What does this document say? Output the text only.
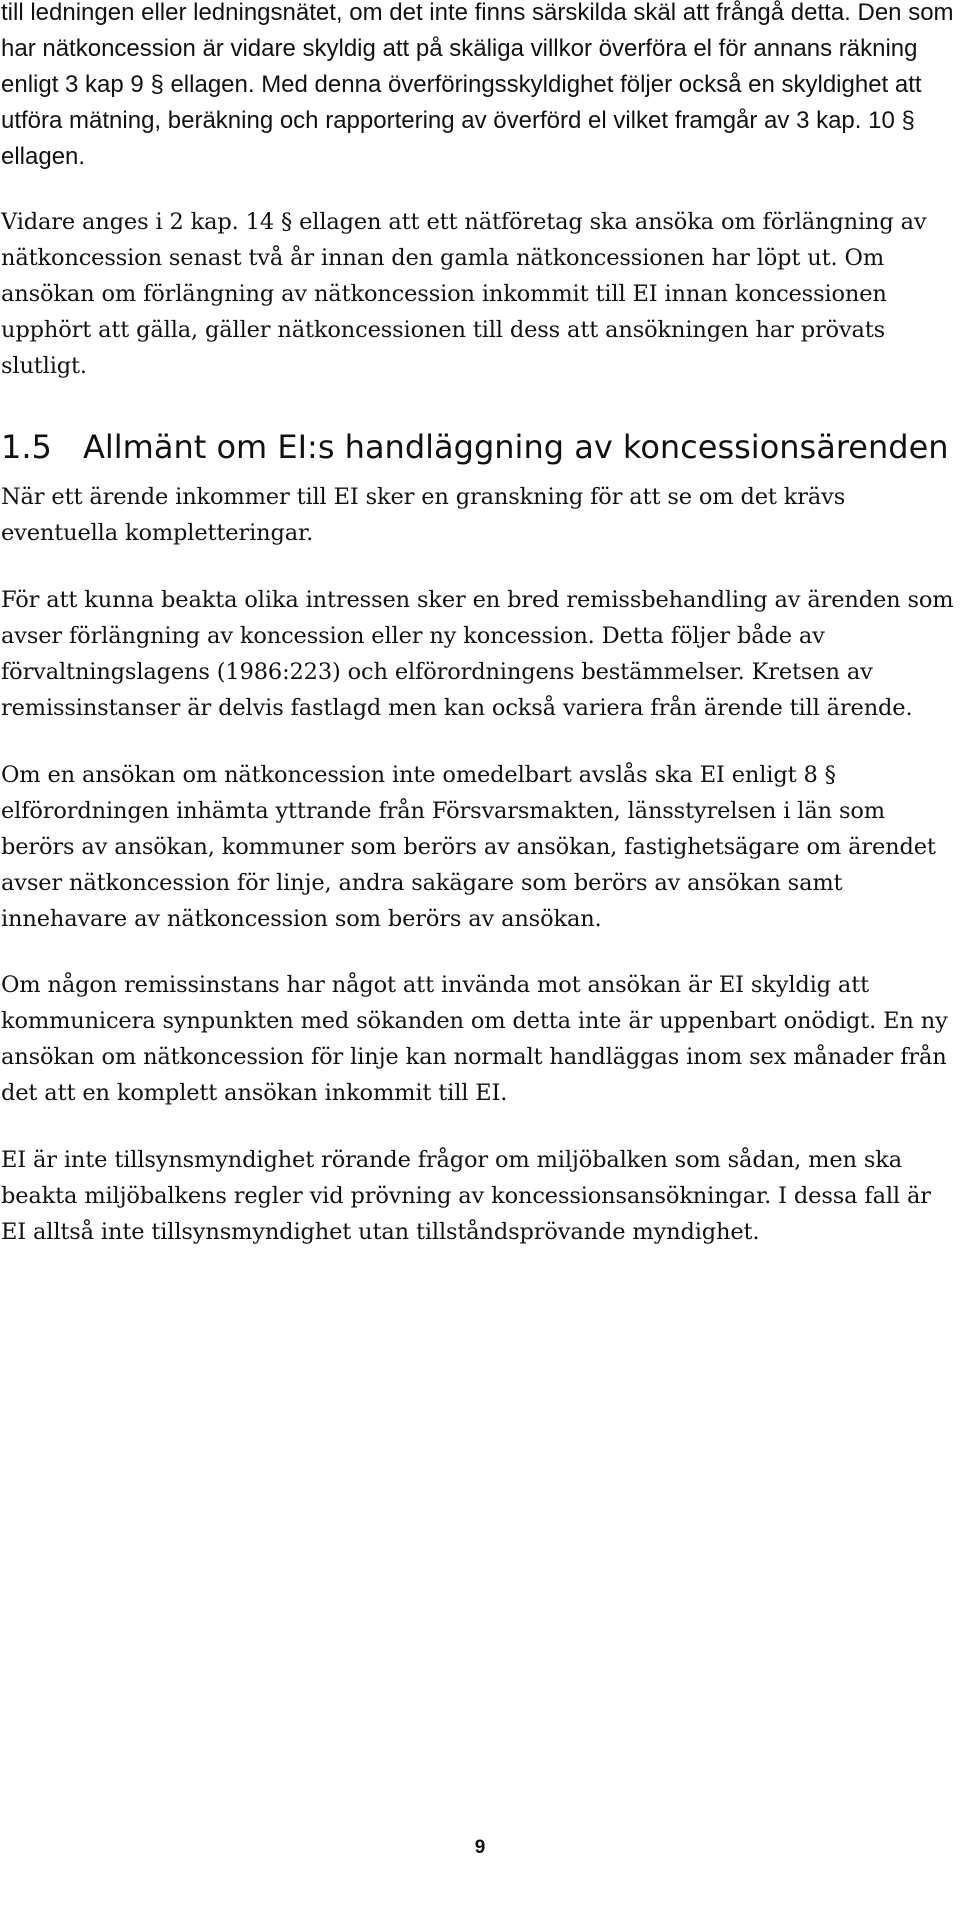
till ledningen eller ledningsnätet, om det inte finns särskilda skäl att frångå detta. Den som har nätkoncession är vidare skyldig att på skäliga villkor överföra el för annans räkning enligt 3 kap 9 § ellagen. Med denna överföringsskyldighet följer också en skyldighet att utföra mätning, beräkning och rapportering av överförd el vilket framgår av 3 kap. 10 § ellagen.

Vidare anges i 2 kap. 14 § ellagen att ett nätföretag ska ansöka om förlängning av nätkoncession senast två år innan den gamla nätkoncessionen har löpt ut. Om ansökan om förlängning av nätkoncession inkommit till EI innan koncessionen upphört att gälla, gäller nätkoncessionen till dess att ansökningen har prövats slutligt.

1.5 Allmänt om EI:s handläggning av koncessionsärenden

När ett ärende inkommer till EI sker en granskning för att se om det krävs eventuella kompletteringar.

För att kunna beakta olika intressen sker en bred remissbehandling av ärenden som avser förlängning av koncession eller ny koncession. Detta följer både av förvaltningslagens (1986:223) och elförordningens bestämmelser. Kretsen av remissinstanser är delvis fastlagd men kan också variera från ärende till ärende.

Om en ansökan om nätkoncession inte omedelbart avslås ska EI enligt 8 § elförordningen inhämta yttrande från Försvarsmakten, länsstyrelsen i län som berörs av ansökan, kommuner som berörs av ansökan, fastighetsägare om ärendet avser nätkoncession för linje, andra sakägare som berörs av ansökan samt innehavare av nätkoncession som berörs av ansökan.

Om någon remissinstans har något att invända mot ansökan är EI skyldig att kommunicera synpunkten med sökanden om detta inte är uppenbart onödigt. En ny ansökan om nätkoncession för linje kan normalt handläggas inom sex månader från det att en komplett ansökan inkommit till EI.

EI är inte tillsynsmyndighet rörande frågor om miljöbalken som sådan, men ska beakta miljöbalkens regler vid prövning av koncessionsansökningar. I dessa fall är EI alltså inte tillsynsmyndighet utan tillståndsprövande myndighet.

9
